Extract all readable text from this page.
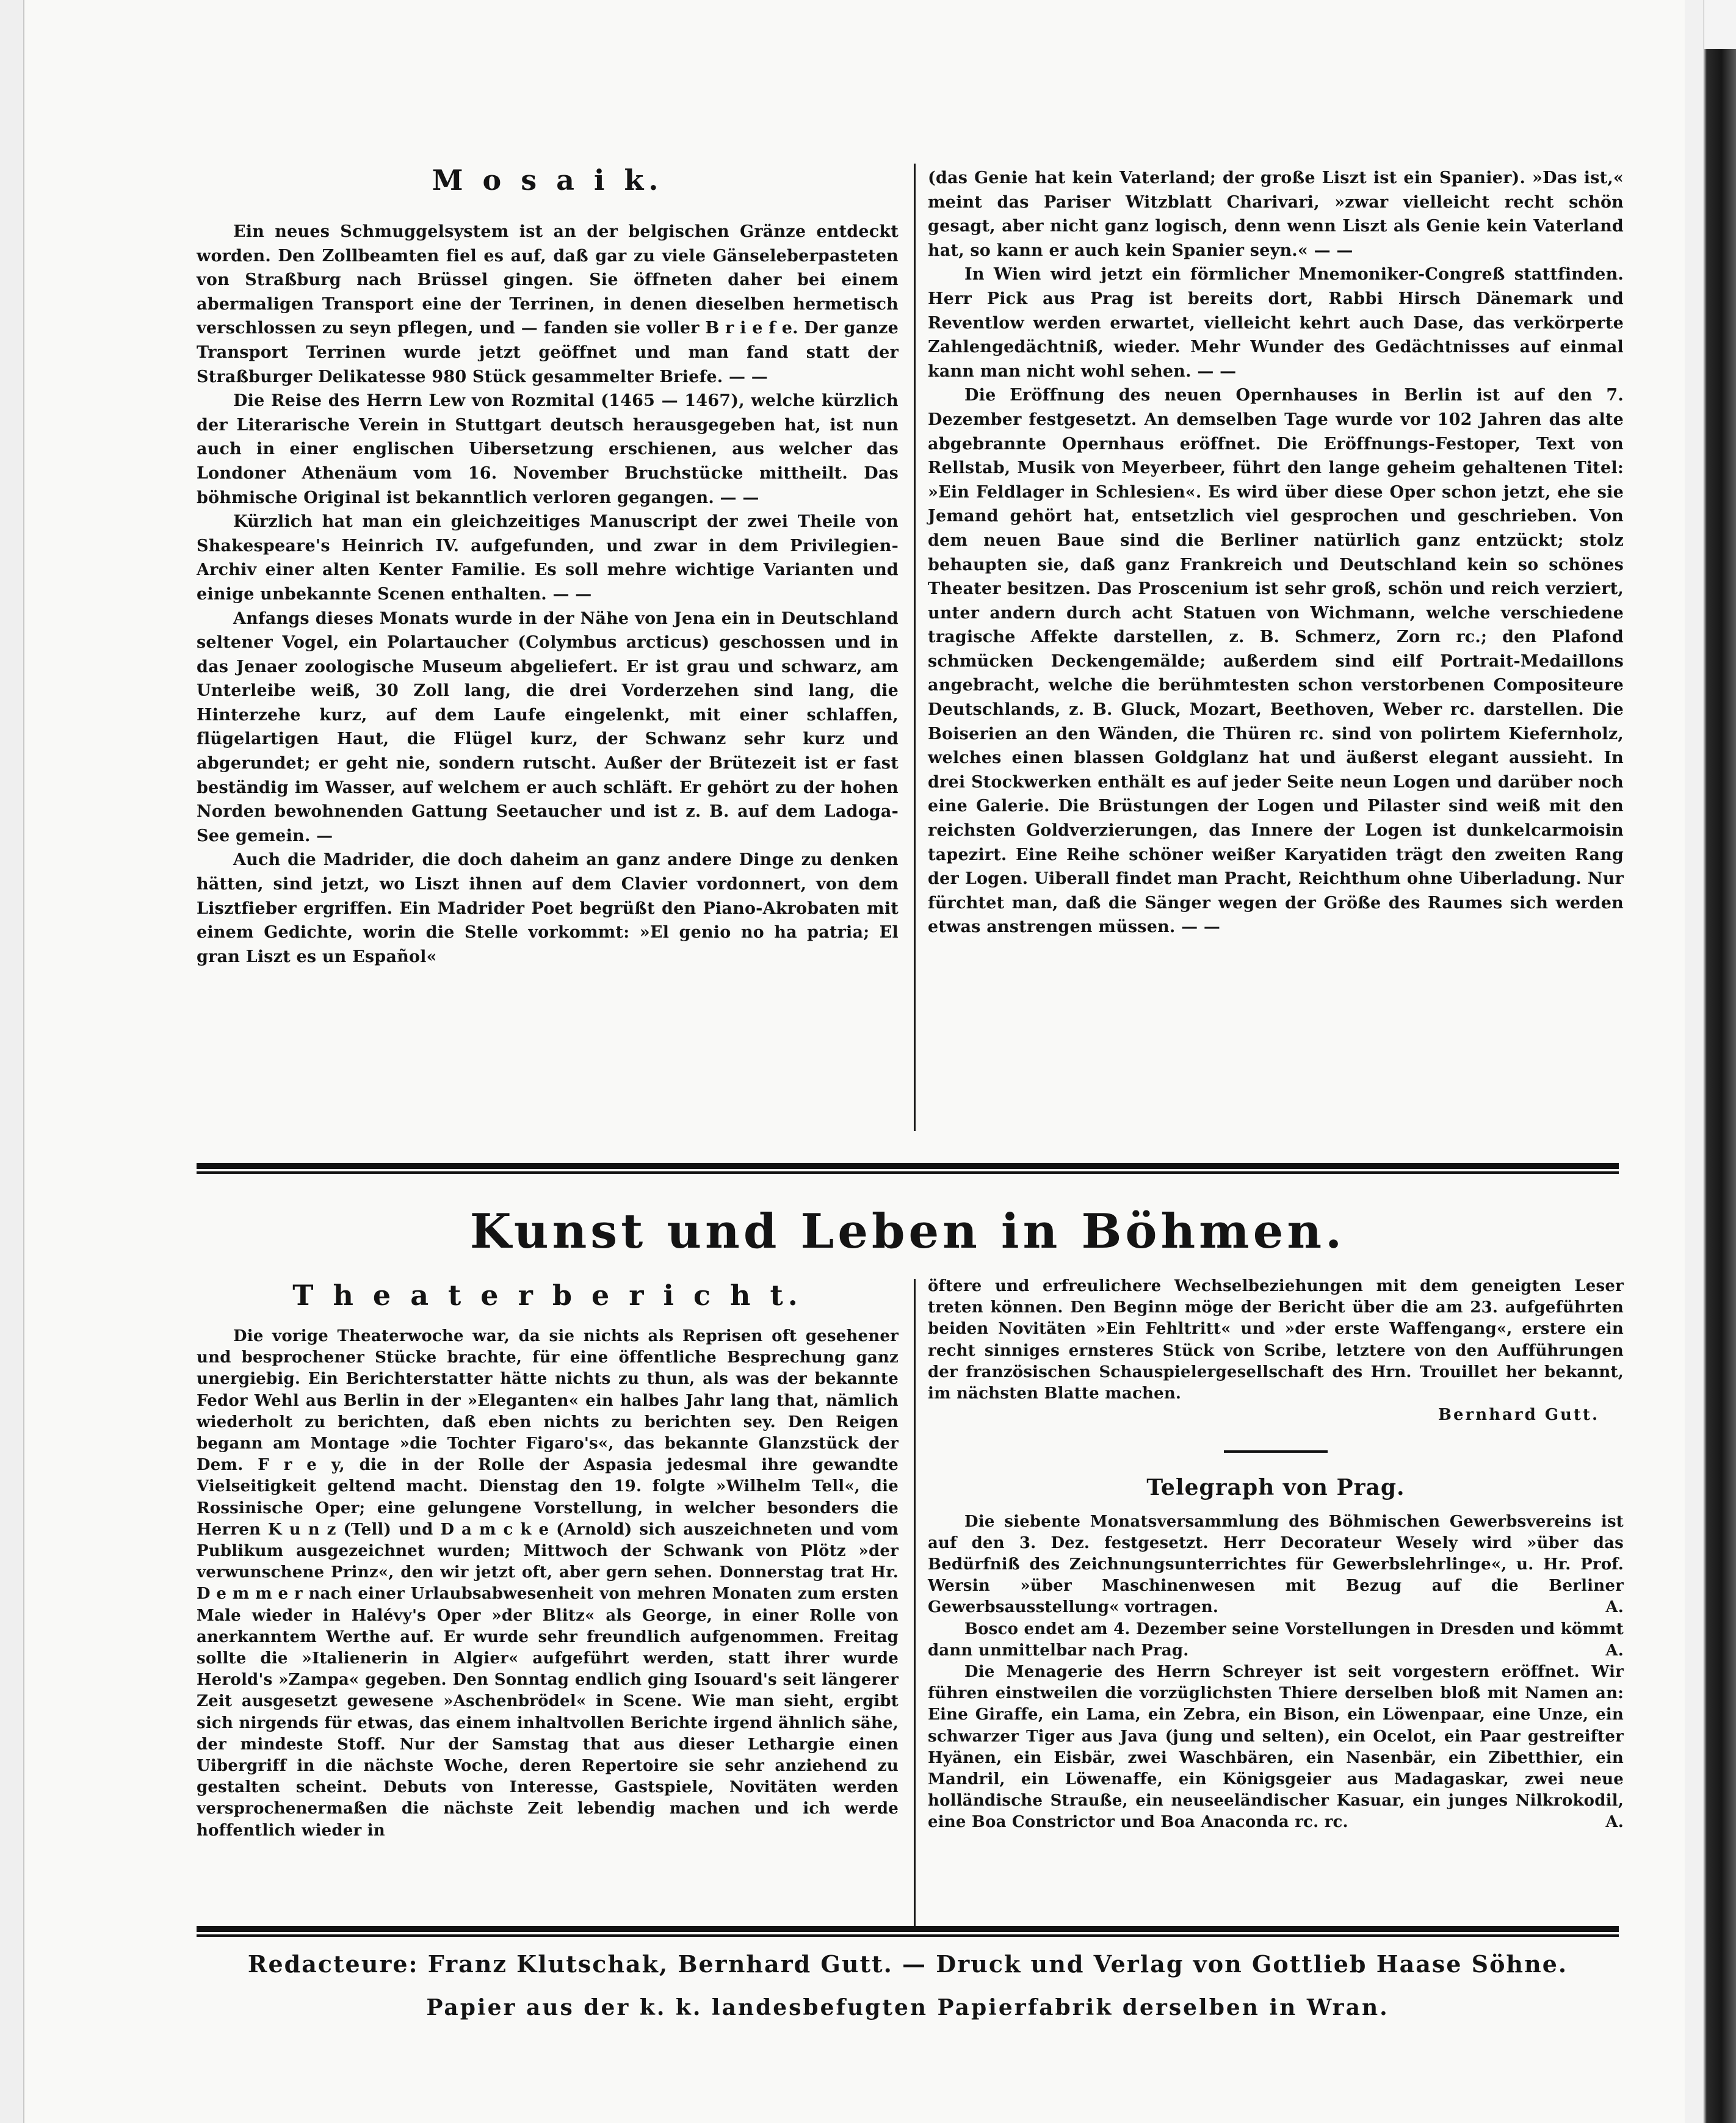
M o s a i k.

Ein neues Schmuggelsystem ist an der belgischen Gränze entdeckt worden. Den Zollbeamten fiel es auf, daß gar zu viele Gänseleberpasteten von Straßburg nach Brüssel gingen. Sie öffneten daher bei einem abermaligen Transport eine der Terrinen, in denen dieselben hermetisch verschlossen zu seyn pflegen, und — fanden sie voller B r i e f e. Der ganze Transport Terrinen wurde jetzt geöffnet und man fand statt der Straßburger Delikatesse 980 Stück gesammelter Briefe. — —

Die Reise des Herrn Lew von Rozmital (1465 — 1467), welche kürzlich der Literarische Verein in Stuttgart deutsch herausgegeben hat, ist nun auch in einer englischen Uibersetzung erschienen, aus welcher das Londoner Athenäum vom 16. November Bruchstücke mittheilt. Das böhmische Original ist bekanntlich verloren gegangen. — —

Kürzlich hat man ein gleichzeitiges Manuscript der zwei Theile von Shakespeare's Heinrich IV. aufgefunden, und zwar in dem Privilegien-Archiv einer alten Kenter Familie. Es soll mehre wichtige Varianten und einige unbekannte Scenen enthalten. — —

Anfangs dieses Monats wurde in der Nähe von Jena ein in Deutschland seltener Vogel, ein Polartaucher (Colymbus arcticus) geschossen und in das Jenaer zoologische Museum abgeliefert. Er ist grau und schwarz, am Unterleibe weiß, 30 Zoll lang, die drei Vorderzehen sind lang, die Hinterzehe kurz, auf dem Laufe eingelenkt, mit einer schlaffen, flügelartigen Haut, die Flügel kurz, der Schwanz sehr kurz und abgerundet; er geht nie, sondern rutscht. Außer der Brütezeit ist er fast beständig im Wasser, auf welchem er auch schläft. Er gehört zu der hohen Norden bewohnenden Gattung Seetaucher und ist z. B. auf dem Ladoga-See gemein. —

Auch die Madrider, die doch daheim an ganz andere Dinge zu denken hätten, sind jetzt, wo Liszt ihnen auf dem Clavier vordonnert, von dem Lisztfieber ergriffen. Ein Madrider Poet begrüßt den Piano-Akrobaten mit einem Gedichte, worin die Stelle vorkommt: »El genio no ha patria; El gran Liszt es un Español«

(das Genie hat kein Vaterland; der große Liszt ist ein Spanier). »Das ist,« meint das Pariser Witzblatt Charivari, »zwar vielleicht recht schön gesagt, aber nicht ganz logisch, denn wenn Liszt als Genie kein Vaterland hat, so kann er auch kein Spanier seyn.« — —

In Wien wird jetzt ein förmlicher Mnemoniker-Congreß stattfinden. Herr Pick aus Prag ist bereits dort, Rabbi Hirsch Dänemark und Reventlow werden erwartet, vielleicht kehrt auch Dase, das verkörperte Zahlengedächtniß, wieder. Mehr Wunder des Gedächtnisses auf einmal kann man nicht wohl sehen. — —

Die Eröffnung des neuen Opernhauses in Berlin ist auf den 7. Dezember festgesetzt. An demselben Tage wurde vor 102 Jahren das alte abgebrannte Opernhaus eröffnet. Die Eröffnungs-Festoper, Text von Rellstab, Musik von Meyerbeer, führt den lange geheim gehaltenen Titel: »Ein Feldlager in Schlesien«. Es wird über diese Oper schon jetzt, ehe sie Jemand gehört hat, entsetzlich viel gesprochen und geschrieben. Von dem neuen Baue sind die Berliner natürlich ganz entzückt; stolz behaupten sie, daß ganz Frankreich und Deutschland kein so schönes Theater besitzen. Das Proscenium ist sehr groß, schön und reich verziert, unter andern durch acht Statuen von Wichmann, welche verschiedene tragische Affekte darstellen, z. B. Schmerz, Zorn rc.; den Plafond schmücken Deckengemälde; außerdem sind eilf Portrait-Medaillons angebracht, welche die berühmtesten schon verstorbenen Compositeure Deutschlands, z. B. Gluck, Mozart, Beethoven, Weber rc. darstellen. Die Boiserien an den Wänden, die Thüren rc. sind von polirtem Kiefernholz, welches einen blassen Goldglanz hat und äußerst elegant aussieht. In drei Stockwerken enthält es auf jeder Seite neun Logen und darüber noch eine Galerie. Die Brüstungen der Logen und Pilaster sind weiß mit den reichsten Goldverzierungen, das Innere der Logen ist dunkelcarmoisin tapezirt. Eine Reihe schöner weißer Karyatiden trägt den zweiten Rang der Logen. Uiberall findet man Pracht, Reichthum ohne Uiberladung. Nur fürchtet man, daß die Sänger wegen der Größe des Raumes sich werden etwas anstrengen müssen. — —

Kunst und Leben in Böhmen.
T h e a t e r b e r i c h t.

Die vorige Theaterwoche war, da sie nichts als Reprisen oft gesehener und besprochener Stücke brachte, für eine öffentliche Besprechung ganz unergiebig. Ein Berichterstatter hätte nichts zu thun, als was der bekannte Fedor Wehl aus Berlin in der »Eleganten« ein halbes Jahr lang that, nämlich wiederholt zu berichten, daß eben nichts zu berichten sey. Den Reigen begann am Montage »die Tochter Figaro's«, das bekannte Glanzstück der Dem. F r e y, die in der Rolle der Aspasia jedesmal ihre gewandte Vielseitigkeit geltend macht. Dienstag den 19. folgte »Wilhelm Tell«, die Rossinische Oper; eine gelungene Vorstellung, in welcher besonders die Herren K u n z (Tell) und D a m c k e (Arnold) sich auszeichneten und vom Publikum ausgezeichnet wurden; Mittwoch der Schwank von Plötz »der verwunschene Prinz«, den wir jetzt oft, aber gern sehen. Donnerstag trat Hr. D e m m e r nach einer Urlaubsabwesenheit von mehren Monaten zum ersten Male wieder in Halévy's Oper »der Blitz« als George, in einer Rolle von anerkanntem Werthe auf. Er wurde sehr freundlich aufgenommen. Freitag sollte die »Italienerin in Algier« aufgeführt werden, statt ihrer wurde Herold's »Zampa« gegeben. Den Sonntag endlich ging Isouard's seit längerer Zeit ausgesetzt gewesene »Aschenbrödel« in Scene. Wie man sieht, ergibt sich nirgends für etwas, das einem inhaltvollen Berichte irgend ähnlich sähe, der mindeste Stoff. Nur der Samstag that aus dieser Lethargie einen Uibergriff in die nächste Woche, deren Repertoire sie sehr anziehend zu gestalten scheint. Debuts von Interesse, Gastspiele, Novitäten werden versprochenermaßen die nächste Zeit lebendig machen und ich werde hoffentlich wieder in

öftere und erfreulichere Wechselbeziehungen mit dem geneigten Leser treten können. Den Beginn möge der Bericht über die am 23. aufgeführten beiden Novitäten »Ein Fehltritt« und »der erste Waffengang«, erstere ein recht sinniges ernsteres Stück von Scribe, letztere von den Aufführungen der französischen Schauspielergesellschaft des Hrn. Trouillet her bekannt, im nächsten Blatte machen.

Bernhard Gutt.
Telegraph von Prag.

Die siebente Monatsversammlung des Böhmischen Gewerbsvereins ist auf den 3. Dez. festgesetzt. Herr Decorateur Wesely wird »über das Bedürfniß des Zeichnungsunterrichtes für Gewerbslehrlinge«, u. Hr. Prof. Wersin »über Maschinenwesen mit Bezug auf die Berliner Gewerbsausstellung« vortragen.	A.

Bosco endet am 4. Dezember seine Vorstellungen in Dresden und kömmt dann unmittelbar nach Prag.	A.

Die Menagerie des Herrn Schreyer ist seit vorgestern eröffnet. Wir führen einstweilen die vorzüglichsten Thiere derselben bloß mit Namen an: Eine Giraffe, ein Lama, ein Zebra, ein Bison, ein Löwenpaar, eine Unze, ein schwarzer Tiger aus Java (jung und selten), ein Ocelot, ein Paar gestreifter Hyänen, ein Eisbär, zwei Waschbären, ein Nasenbär, ein Zibetthier, ein Mandril, ein Löwenaffe, ein Königsgeier aus Madagaskar, zwei neue holländische Strauße, ein neuseeländischer Kasuar, ein junges Nilkrokodil, eine Boa Constrictor und Boa Anaconda rc. rc.	A.

Redacteure: Franz Klutschak, Bernhard Gutt. — Druck und Verlag von Gottlieb Haase Söhne.
Papier aus der k. k. landesbefugten Papierfabrik derselben in Wran.
